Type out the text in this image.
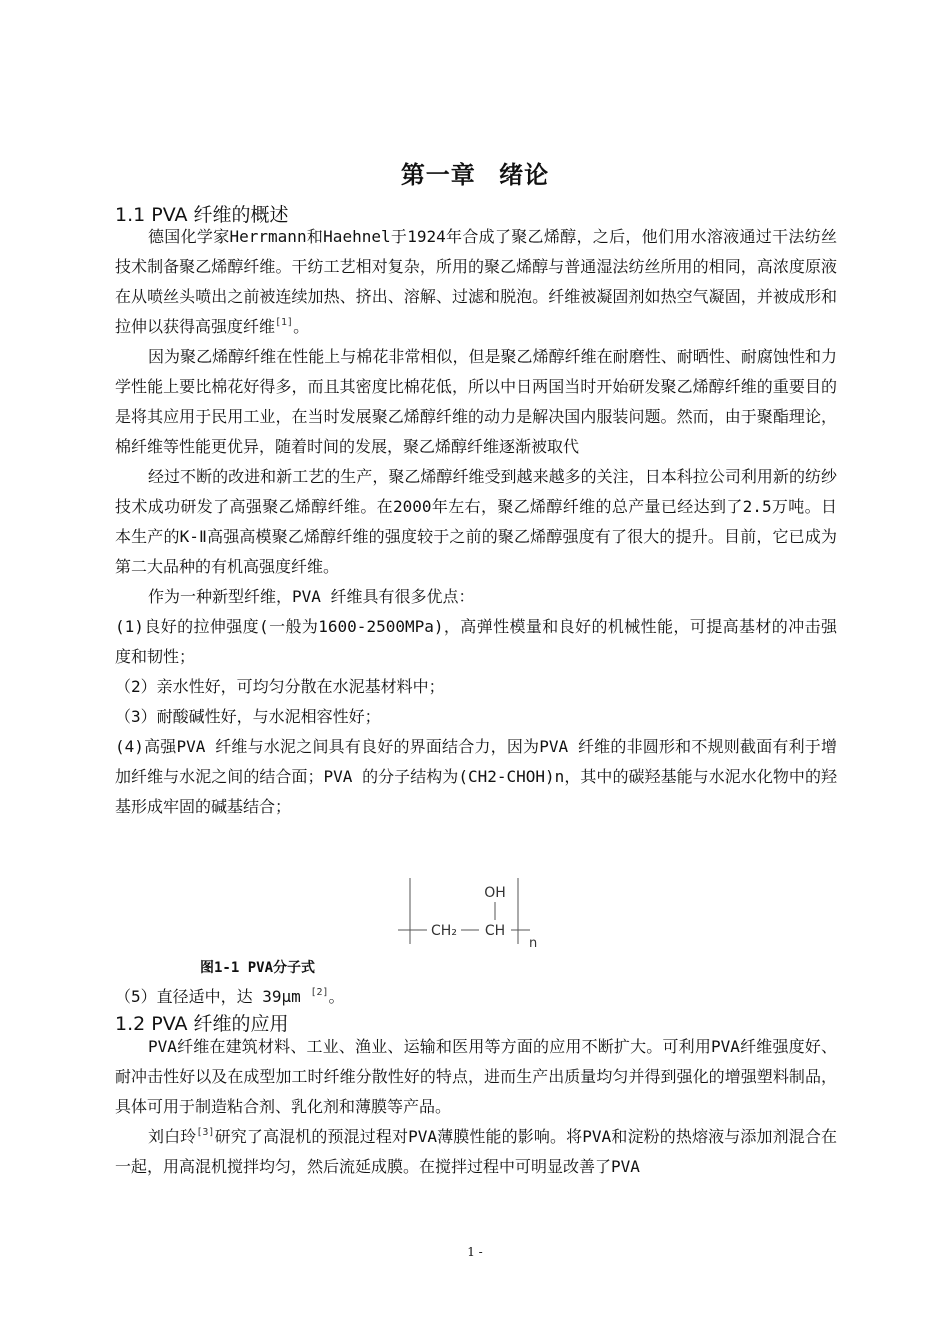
第一章 绪论
1.1 PVA 纤维的概述

德国化学家Herrmann和Haehnel于1924年合成了聚乙烯醇，之后，他们用水溶液通过干法纺丝技术制备聚乙烯醇纤维。干纺工艺相对复杂，所用的聚乙烯醇与普通湿法纺丝所用的相同，高浓度原液在从喷丝头喷出之前被连续加热、挤出、溶解、过滤和脱泡。纤维被凝固剂如热空气凝固，并被成形和拉伸以获得高强度纤维[1]。

因为聚乙烯醇纤维在性能上与棉花非常相似，但是聚乙烯醇纤维在耐磨性、耐晒性、耐腐蚀性和力学性能上要比棉花好得多，而且其密度比棉花低，所以中日两国当时开始研发聚乙烯醇纤维的重要目的是将其应用于民用工业，在当时发展聚乙烯醇纤维的动力是解决国内服装问题。然而，由于聚酯理论，棉纤维等性能更优异，随着时间的发展，聚乙烯醇纤维逐渐被取代

经过不断的改进和新工艺的生产，聚乙烯醇纤维受到越来越多的关注，日本科拉公司利用新的纺纱技术成功研发了高强聚乙烯醇纤维。在2000年左右，聚乙烯醇纤维的总产量已经达到了2.5万吨。日本生产的K-Ⅱ高强高模聚乙烯醇纤维的强度较于之前的聚乙烯醇强度有了很大的提升。目前，它已成为第二大品种的有机高强度纤维。

作为一种新型纤维，PVA 纤维具有很多优点：

(1)良好的拉伸强度(一般为1600-2500MPa)，高弹性模量和良好的机械性能，可提高基材的冲击强度和韧性；

（2）亲水性好，可均匀分散在水泥基材料中；

（3）耐酸碱性好，与水泥相容性好；

(4)高强PVA 纤维与水泥之间具有良好的界面结合力，因为PVA 纤维的非圆形和不规则截面有利于增加纤维与水泥之间的结合面；PVA 的分子结构为(CH2-CHOH)n，其中的碳羟基能与水泥水化物中的羟基形成牢固的碱基结合；

OH
CH₂ CH
n
图1-1 PVA分子式

（5）直径适中，达 39μm [2]。

1.2 PVA 纤维的应用

PVA纤维在建筑材料、工业、渔业、运输和医用等方面的应用不断扩大。可利用PVA纤维强度好、耐冲击性好以及在成型加工时纤维分散性好的特点，进而生产出质量均匀并得到强化的增强塑料制品，具体可用于制造粘合剂、乳化剂和薄膜等产品。

刘白玲[3]研究了高混机的预混过程对PVA薄膜性能的影响。将PVA和淀粉的热熔液与添加剂混合在一起，用高混机搅拌均匀，然后流延成膜。在搅拌过程中可明显改善了PVA

1 -
